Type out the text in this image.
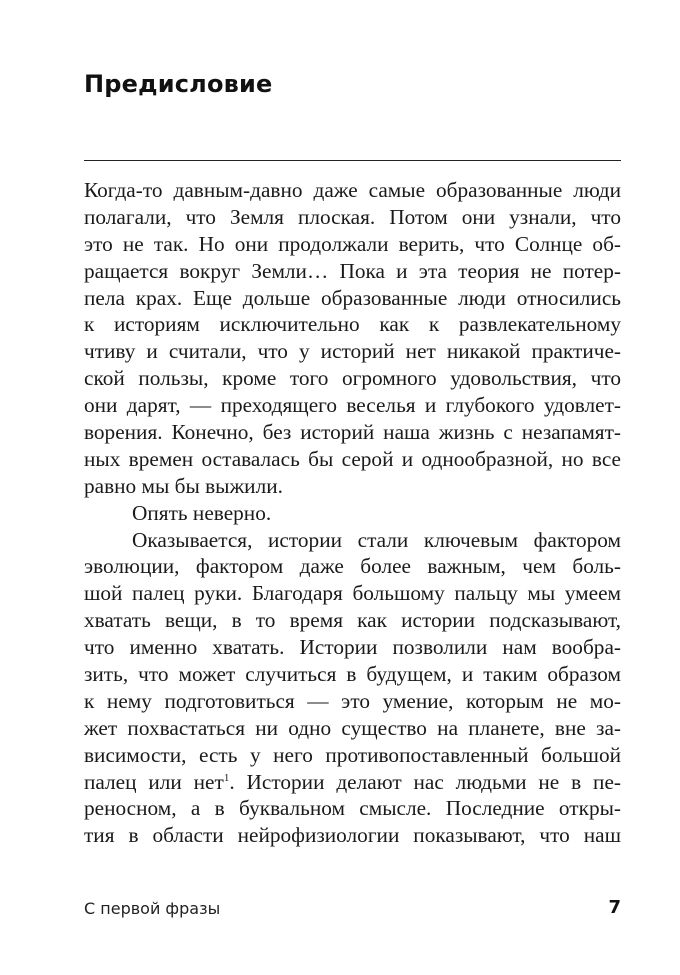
Предисловие
Когда-то давным-давно даже самые образованные люди
полагали, что Земля плоская. Потом они узнали, что
это не так. Но они продолжали верить, что Солнце об-
ращается вокруг Земли… Пока и эта теория не потер-
пела крах. Еще дольше образованные люди относились
к историям исключительно как к развлекательному
чтиву и считали, что у историй нет никакой практиче-
ской пользы, кроме того огромного удовольствия, что
они дарят, — преходящего веселья и глубокого удовлет-
ворения. Конечно, без историй наша жизнь с незапамят-
ных времен оставалась бы серой и однообразной, но все
равно мы бы выжили.
Опять неверно.
Оказывается, истории стали ключевым фактором
эволюции, фактором даже более важным, чем боль-
шой палец руки. Благодаря большому пальцу мы умеем
хватать вещи, в то время как истории подсказывают,
что именно хватать. Истории позволили нам вообра-
зить, что может случиться в будущем, и таким образом
к нему подготовиться — это умение, которым не мо-
жет похвастаться ни одно существо на планете, вне за-
висимости, есть у него противопоставленный большой
палец или нет$^1$. Истории делают нас людьми не в пе-
реносном, а в буквальном смысле. Последние откры-
тия в области нейрофизиологии показывают, что наш
С первой фразы	7
